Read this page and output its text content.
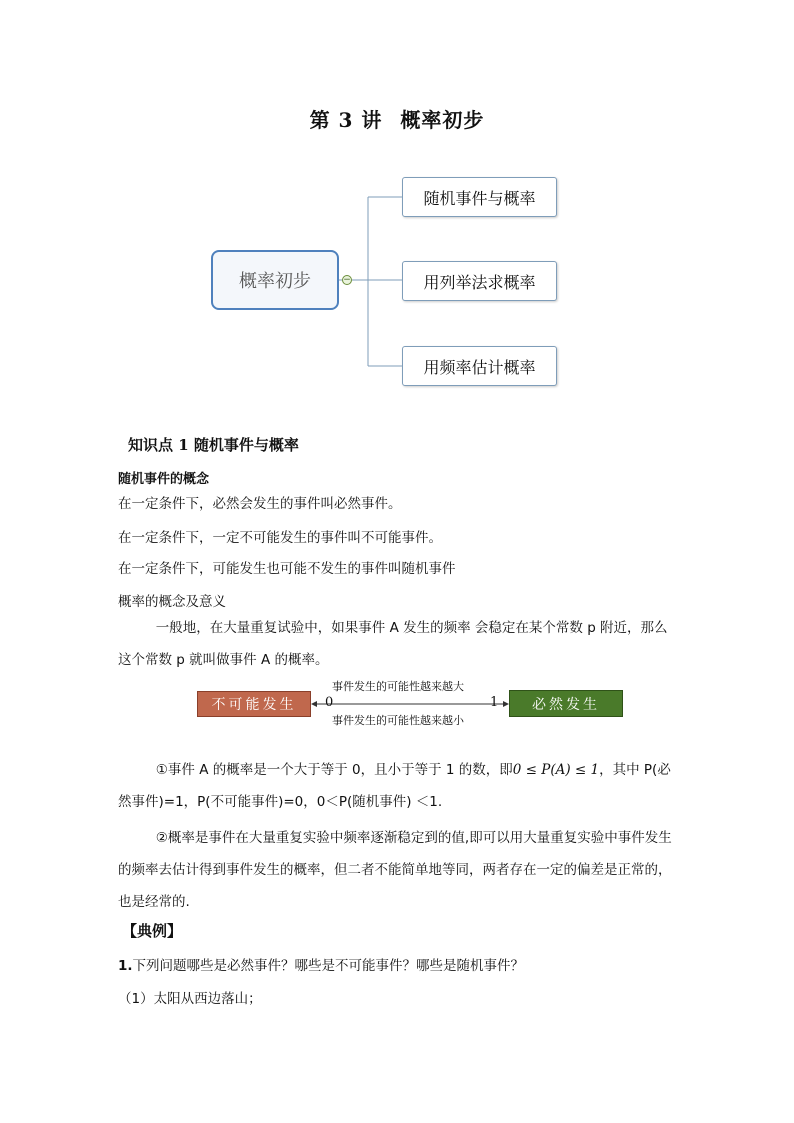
第 3 讲 概率初步
概率初步	−
随机事件与概率
用列举法求概率
用频率估计概率
知识点 1 随机事件与概率
随机事件的概念
在一定条件下，必然会发生的事件叫必然事件。
在一定条件下，一定不可能发生的事件叫不可能事件。
在一定条件下，可能发生也可能不发生的事件叫随机事件
概率的概念及意义
一般地，在大量重复试验中，如果事件 A 发生的频率 会稳定在某个常数 p 附近，那么这个常数 p 就叫做事件 A 的概率。
不可能发生	必然发生
事件发生的可能性越来越大
事件发生的可能性越来越小
0	1
①事件 A 的概率是一个大于等于 0，且小于等于 1 的数，即0 ≤ P(A) ≤ 1，其中 P(必然事件)=1，P(不可能事件)=0，0＜P(随机事件) ＜1.
②概率是事件在大量重复实验中频率逐渐稳定到的值,即可以用大量重复实验中事件发生的频率去估计得到事件发生的概率，但二者不能简单地等同，两者存在一定的偏差是正常的，也是经常的.
【典例】
1.下列问题哪些是必然事件？哪些是不可能事件？哪些是随机事件？
（1）太阳从西边落山；
